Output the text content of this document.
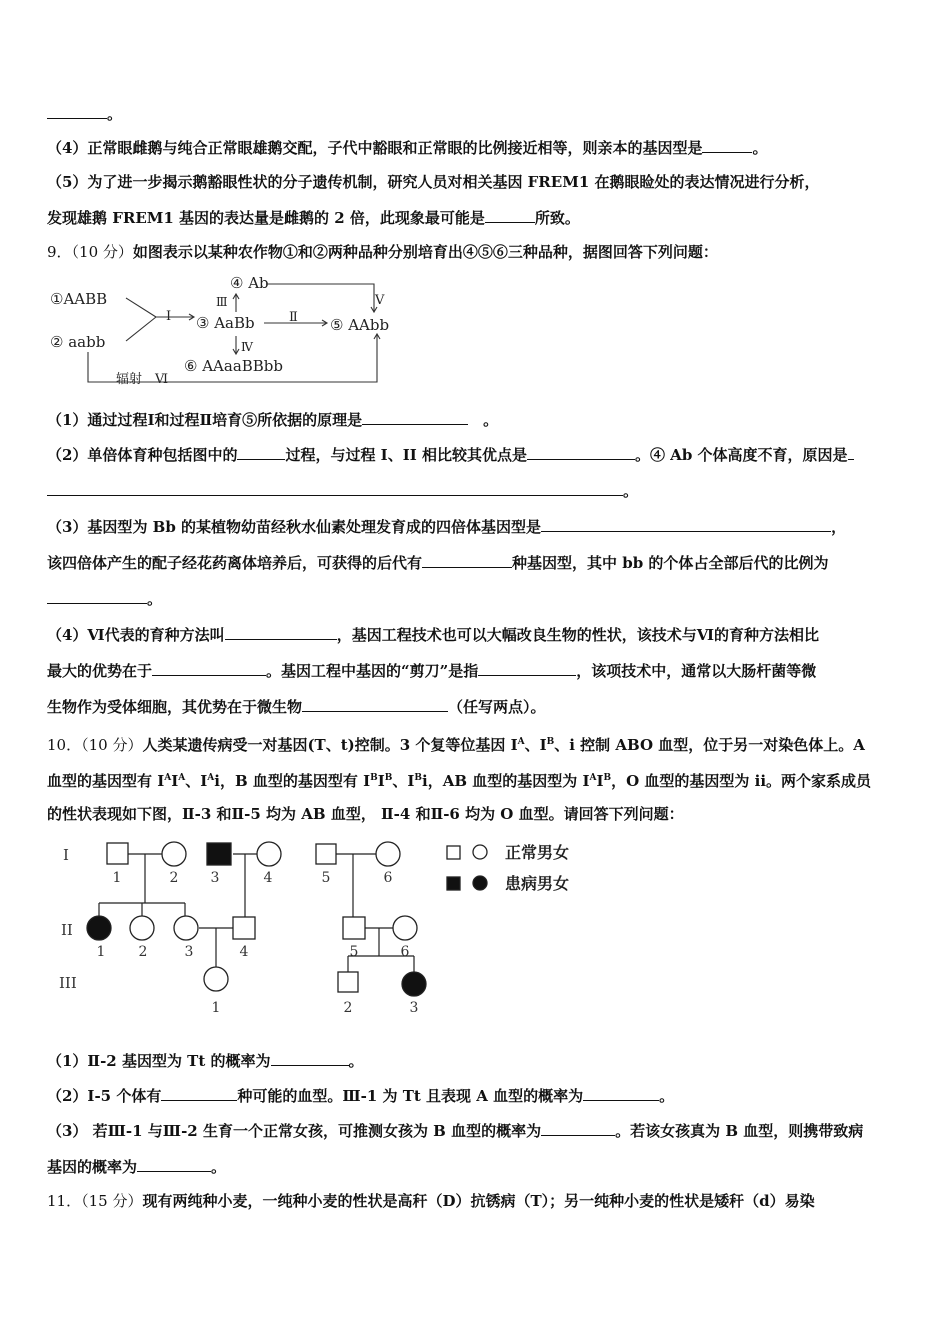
。
（4）正常眼雌鹅与纯合正常眼雄鹅交配，子代中豁眼和正常眼的比例接近相等，则亲本的基因型是	。
（5）为了进一步揭示鹅豁眼性状的分子遗传机制，研究人员对相关基因 FREM1 在鹅眼睑处的表达情况进行分析，
发现雄鹅 FREM1 基因的表达量是雌鹅的 2 倍，此现象最可能是	所致。
9．（10 分）如图表示以某种农作物①和②两种品种分别培育出④⑤⑥三种品种，据图回答下列问题：
①AABB
② aabb
③ AaBb
④ Ab
⑤ AAbb
⑥ AAaaBBbb
I	Ⅱ
Ⅲ
Ⅳ
Ⅴ
辐射　Ⅵ
（1）通过过程Ⅰ和过程Ⅱ培育⑤所依据的原理是	　。
（2）单倍体育种包括图中的	过程，与过程 I、II 相比较其优点是	。④ Ab 个体高度不育，原因是
。
（3）基因型为 Bb 的某植物幼苗经秋水仙素处理发育成的四倍体基因型是	，
该四倍体产生的配子经花药离体培养后，可获得的后代有	种基因型，其中 bb 的个体占全部后代的比例为
。
（4）Ⅵ代表的育种方法叫	，基因工程技术也可以大幅改良生物的性状，该技术与Ⅵ的育种方法相比
最大的优势在于	。基因工程中基因的“剪刀”是指	，该项技术中，通常以大肠杆菌等微
生物作为受体细胞，其优势在于微生物	（任写两点）。
10．（10 分）人类某遗传病受一对基因(T、t)控制。3 个复等位基因 $I^A$、$I^B$、i 控制 ABO 血型，位于另一对染色体上。A
血型的基因型有 $I^AI^A$、$I^Ai$，B 血型的基因型有 $I^BI^B$、$I^Bi$，AB 血型的基因型为 $I^AI^B$，O 血型的基因型为 ii。两个家系成员
的性状表现如下图，Ⅱ-3 和Ⅱ-5 均为 AB 血型， Ⅱ-4 和Ⅱ-6 均为 O 血型。请回答下列问题：
I
II
III
1	2 3	4	5	6
1 2	3	4	5	6
1	2	3
正常男女
患病男女
（1）Ⅱ-2 基因型为 Tt 的概率为	。
（2）Ⅰ-5 个体有	种可能的血型。Ⅲ-1 为 Tt 且表现 A 血型的概率为	。
（3） 若Ⅲ-1 与Ⅲ-2 生育一个正常女孩，可推测女孩为 B 血型的概率为	。若该女孩真为 B 血型，则携带致病
基因的概率为	。
11．（15 分）现有两纯种小麦，一纯种小麦的性状是高秆（D）抗锈病（T）；另一纯种小麦的性状是矮秆（d）易染
